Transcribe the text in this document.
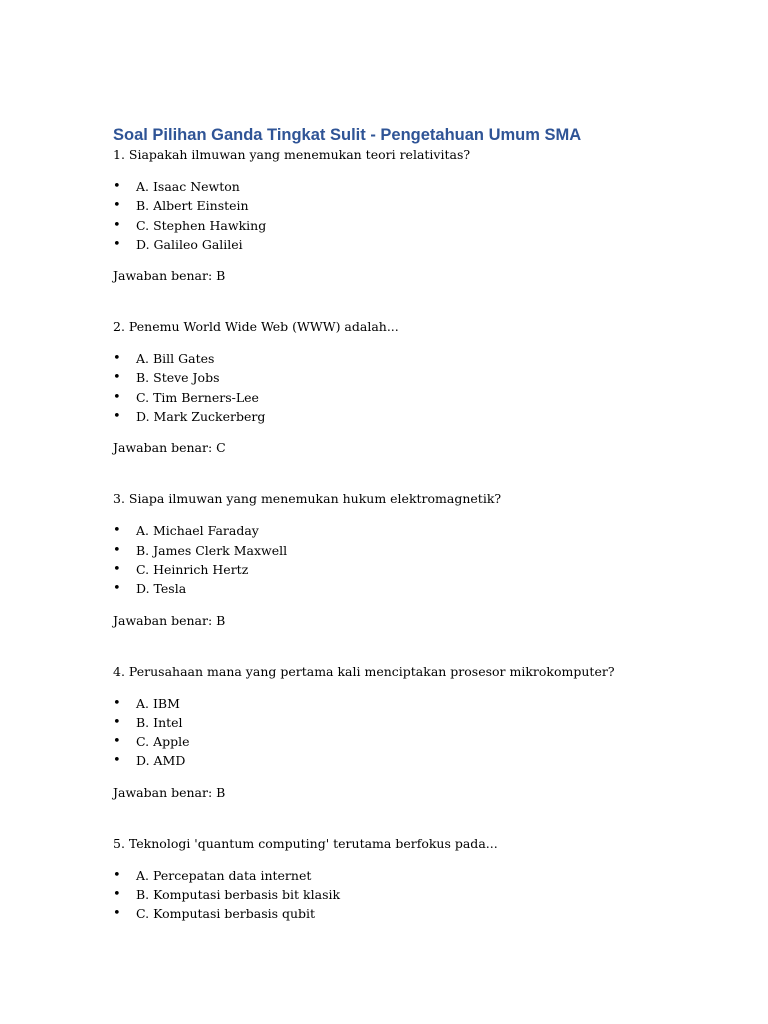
Soal Pilihan Ganda Tingkat Sulit - Pengetahuan Umum SMA

1. Siapakah ilmuwan yang menemukan teori relativitas?

• A. Isaac Newton
• B. Albert Einstein
• C. Stephen Hawking
• D. Galileo Galilei

Jawaban benar: B

2. Penemu World Wide Web (WWW) adalah...

• A. Bill Gates
• B. Steve Jobs
• C. Tim Berners-Lee
• D. Mark Zuckerberg

Jawaban benar: C

3. Siapa ilmuwan yang menemukan hukum elektromagnetik?

• A. Michael Faraday
• B. James Clerk Maxwell
• C. Heinrich Hertz
• D. Tesla

Jawaban benar: B

4. Perusahaan mana yang pertama kali menciptakan prosesor mikrokomputer?

• A. IBM
• B. Intel
• C. Apple
• D. AMD

Jawaban benar: B

5. Teknologi 'quantum computing' terutama berfokus pada...

• A. Percepatan data internet
• B. Komputasi berbasis bit klasik
• C. Komputasi berbasis qubit
